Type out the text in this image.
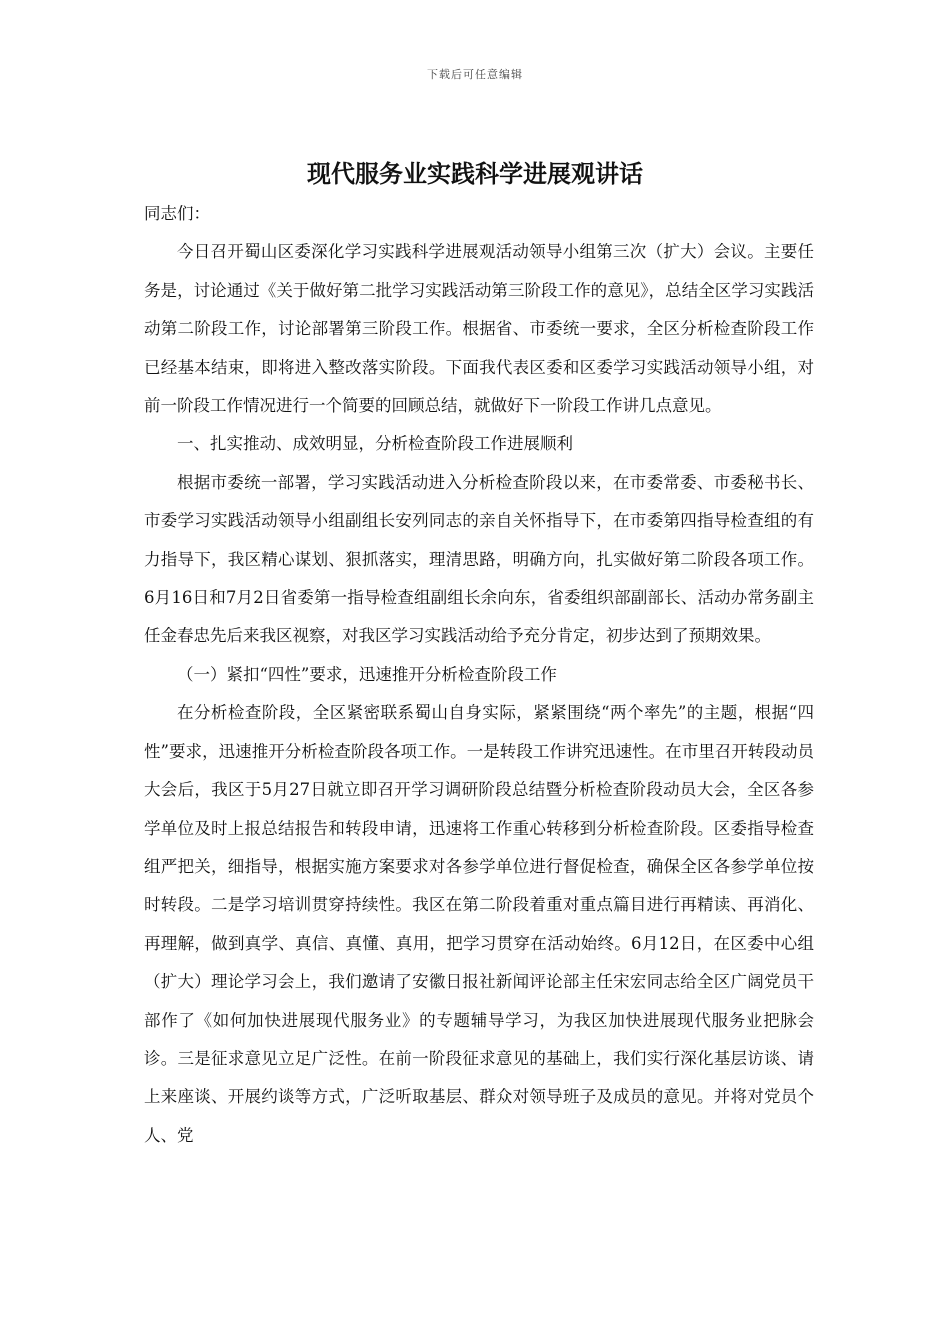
下载后可任意编辑
现代服务业实践科学进展观讲话

同志们：

今日召开蜀山区委深化学习实践科学进展观活动领导小组第三次（扩大）会议。主要任务是，讨论通过《关于做好第二批学习实践活动第三阶段工作的意见》，总结全区学习实践活动第二阶段工作，讨论部署第三阶段工作。根据省、市委统一要求，全区分析检查阶段工作已经基本结束，即将进入整改落实阶段。下面我代表区委和区委学习实践活动领导小组，对前一阶段工作情况进行一个简要的回顾总结，就做好下一阶段工作讲几点意见。

一、扎实推动、成效明显，分析检查阶段工作进展顺利

根据市委统一部署，学习实践活动进入分析检查阶段以来，在市委常委、市委秘书长、市委学习实践活动领导小组副组长安列同志的亲自关怀指导下，在市委第四指导检查组的有力指导下，我区精心谋划、狠抓落实，理清思路，明确方向，扎实做好第二阶段各项工作。6月16日和7月2日省委第一指导检查组副组长余向东，省委组织部副部长、活动办常务副主任金春忠先后来我区视察，对我区学习实践活动给予充分肯定，初步达到了预期效果。

（一）紧扣“四性”要求，迅速推开分析检查阶段工作

在分析检查阶段，全区紧密联系蜀山自身实际，紧紧围绕“两个率先”的主题，根据“四性”要求，迅速推开分析检查阶段各项工作。一是转段工作讲究迅速性。在市里召开转段动员大会后，我区于5月27日就立即召开学习调研阶段总结暨分析检查阶段动员大会，全区各参学单位及时上报总结报告和转段申请，迅速将工作重心转移到分析检查阶段。区委指导检查组严把关，细指导，根据实施方案要求对各参学单位进行督促检查，确保全区各参学单位按时转段。二是学习培训贯穿持续性。我区在第二阶段着重对重点篇目进行再精读、再消化、再理解，做到真学、真信、真懂、真用，把学习贯穿在活动始终。6月12日，在区委中心组（扩大）理论学习会上，我们邀请了安徽日报社新闻评论部主任宋宏同志给全区广阔党员干部作了《如何加快进展现代服务业》的专题辅导学习，为我区加快进展现代服务业把脉会诊。三是征求意见立足广泛性。在前一阶段征求意见的基础上，我们实行深化基层访谈、请上来座谈、开展约谈等方式，广泛听取基层、群众对领导班子及成员的意见。并将对党员个人、党
